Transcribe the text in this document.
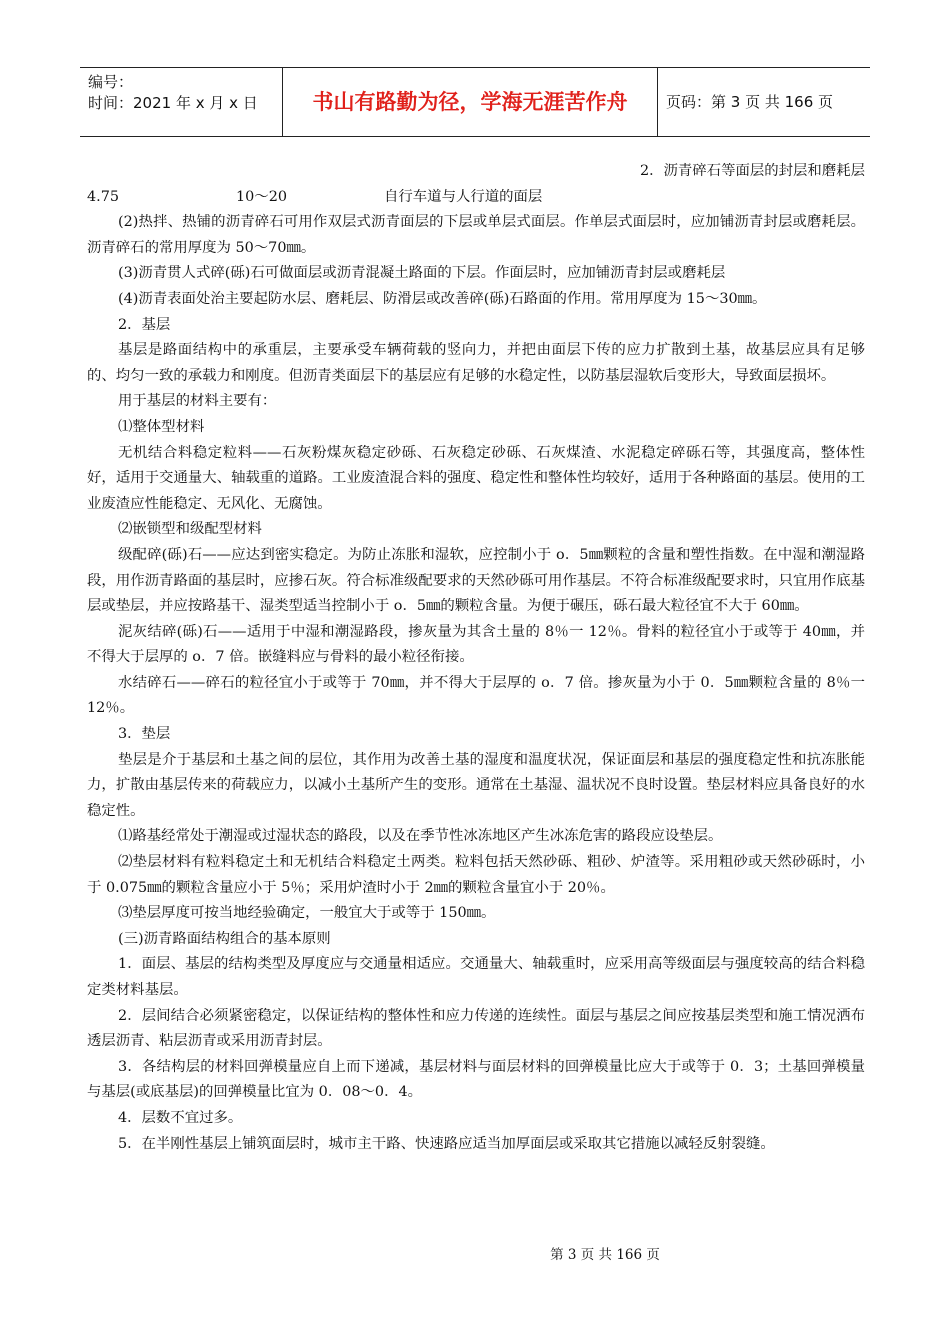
编号：
时间：2021 年 x 月 x 日	书山有路勤为径，学海无涯苦作舟	页码：第 3 页 共 166 页

2．沥青碎石等面层的封层和磨耗层

4.75	10～20	自行车道与人行道的面层

(2)热拌、热铺的沥青碎石可用作双层式沥青面层的下层或单层式面层。作单层式面层时，应加铺沥青封层或磨耗层。沥青碎石的常用厚度为 50～70㎜。

(3)沥青贯人式碎(砾)石可做面层或沥青混凝土路面的下层。作面层时，应加铺沥青封层或磨耗层

(4)沥青表面处治主要起防水层、磨耗层、防滑层或改善碎(砾)石路面的作用。常用厚度为 15～30㎜。

2．基层

基层是路面结构中的承重层，主要承受车辆荷载的竖向力，并把由面层下传的应力扩散到土基，故基层应具有足够的、均匀一致的承载力和刚度。但沥青类面层下的基层应有足够的水稳定性，以防基层湿软后变形大，导致面层损坏。

用于基层的材料主要有：

⑴整体型材料

无机结合料稳定粒料——石灰粉煤灰稳定砂砾、石灰稳定砂砾、石灰煤渣、水泥稳定碎砾石等，其强度高，整体性好，适用于交通量大、轴载重的道路。工业废渣混合料的强度、稳定性和整体性均较好，适用于各种路面的基层。使用的工业废渣应性能稳定、无风化、无腐蚀。

⑵嵌锁型和级配型材料

级配碎(砾)石——应达到密实稳定。为防止冻胀和湿软，应控制小于 o．5㎜颗粒的含量和塑性指数。在中湿和潮湿路段，用作沥青路面的基层时，应掺石灰。符合标准级配要求的天然砂砾可用作基层。不符合标准级配要求时，只宜用作底基层或垫层，并应按路基干、湿类型适当控制小于 o．5㎜的颗粒含量。为便于碾压，砾石最大粒径宜不大于 60㎜。

泥灰结碎(砾)石——适用于中湿和潮湿路段，掺灰量为其含土量的 8％一 12％。骨料的粒径宜小于或等于 40㎜，并不得大于层厚的 o．7 倍。嵌缝料应与骨料的最小粒径衔接。

水结碎石——碎石的粒径宜小于或等于 70㎜，并不得大于层厚的 o．7 倍。掺灰量为小于 0．5㎜颗粒含量的 8％一 12％。

3．垫层

垫层是介于基层和土基之间的层位，其作用为改善土基的湿度和温度状况，保证面层和基层的强度稳定性和抗冻胀能力，扩散由基层传来的荷载应力，以减小土基所产生的变形。通常在土基湿、温状况不良时设置。垫层材料应具备良好的水稳定性。

⑴路基经常处于潮湿或过湿状态的路段，以及在季节性冰冻地区产生冰冻危害的路段应设垫层。

⑵垫层材料有粒料稳定土和无机结合料稳定土两类。粒料包括天然砂砾、粗砂、炉渣等。采用粗砂或天然砂砾时，小于 0.075㎜的颗粒含量应小于 5％；采用炉渣时小于 2㎜的颗粒含量宜小于 20％。

⑶垫层厚度可按当地经验确定，一般宜大于或等于 150㎜。

(三)沥青路面结构组合的基本原则

1．面层、基层的结构类型及厚度应与交通量相适应。交通量大、轴载重时，应采用高等级面层与强度较高的结合料稳定类材料基层。

2．层间结合必须紧密稳定，以保证结构的整体性和应力传递的连续性。面层与基层之间应按基层类型和施工情况洒布透层沥青、粘层沥青或采用沥青封层。

3．各结构层的材料回弹模量应自上而下递减，基层材料与面层材料的回弹模量比应大于或等于 0．3；土基回弹模量与基层(或底基层)的回弹模量比宜为 0．08～0．4。

4．层数不宜过多。

5．在半刚性基层上铺筑面层时，城市主干路、快速路应适当加厚面层或采取其它措施以减轻反射裂缝。

第 3 页 共 166 页
